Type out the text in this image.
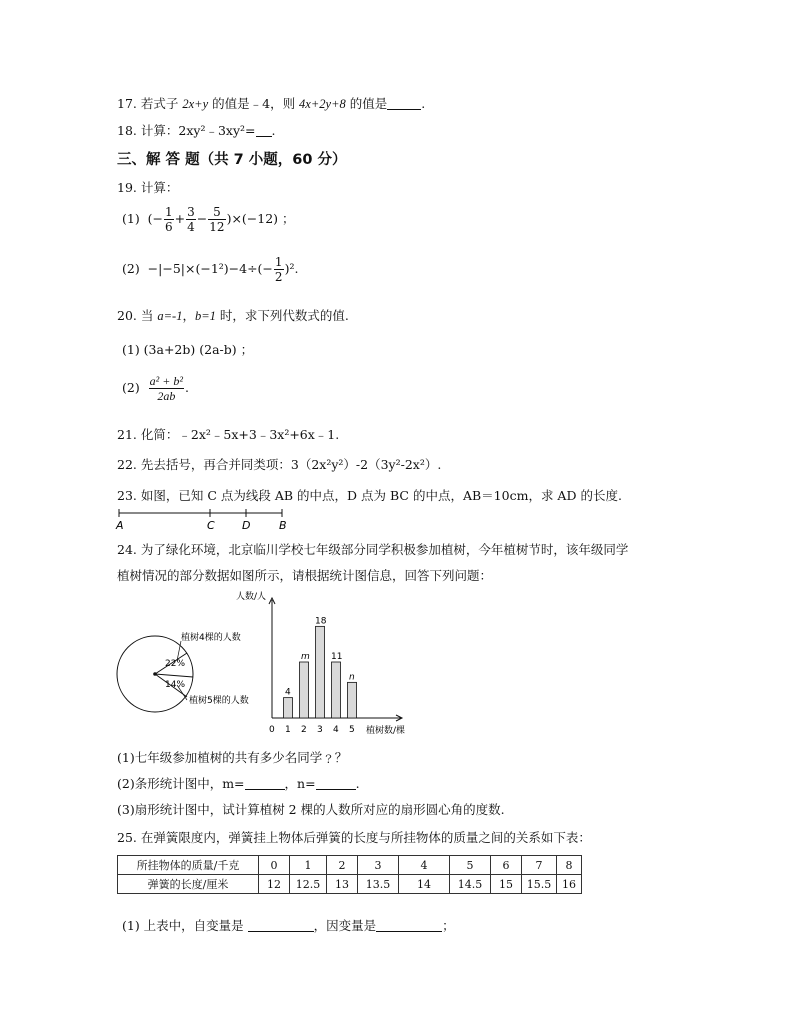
17. 若式子 2x+y 的值是﹣4，则 4x+2y+8 的值是	.
18. 计算：2xy²﹣3xy²= .
三、解 答 题（共 7 小题，60 分）
19. 计算：
(1) (− $\frac{1}{6} + \frac{3}{4} - \frac{5}{12} )\times(-12)$ ；
$(2) -|-5|\times(-1^2)-4\div(- \frac{1}{2} )^2$.
20. 当 a=-1，b=1 时，求下列代数式的值.
(1) (3a+2b) (2a-b) ；
$(2) \frac{\text{a² + b²}}{2ab}$ .
21. 化简：﹣2x²﹣5x+3﹣3x²+6x﹣1.
22. 先去括号，再合并同类项：3（2x²y²）-2（3y²-2x²）.
23. 如图，已知 C 点为线段 AB 的中点，D 点为 BC 的中点，AB＝10cm，求 AD 的长度.
A	C D	B
24. 为了绿化环境，北京临川学校七年级部分同学积极参加植树，今年植树节时，该年级同学
植树情况的部分数据如图所示，请根据统计图信息，回答下列问题：
22%
14%
植树4棵的人数
植树5棵的人数
人数/人
植树数/棵
0 1 2 3 4 5
4
m
18
11
n
(1)七年级参加植树的共有多少名同学﹖？
(2)条形统计图中，m=	，n=	.
(3)扇形统计图中，试计算植树 2 棵的人数所对应的扇形圆心角的度数.
25. 在弹簧限度内，弹簧挂上物体后弹簧的长度与所挂物体的质量之间的关系如下表：
所挂物体的质量/千克	0	1	2	3	4	5	6	7	8
弹簧的长度/厘米	12	12.5	13	13.5	14	14.5	15	15.5	16
(1) 上表中，自变量是	，因变量是	；
